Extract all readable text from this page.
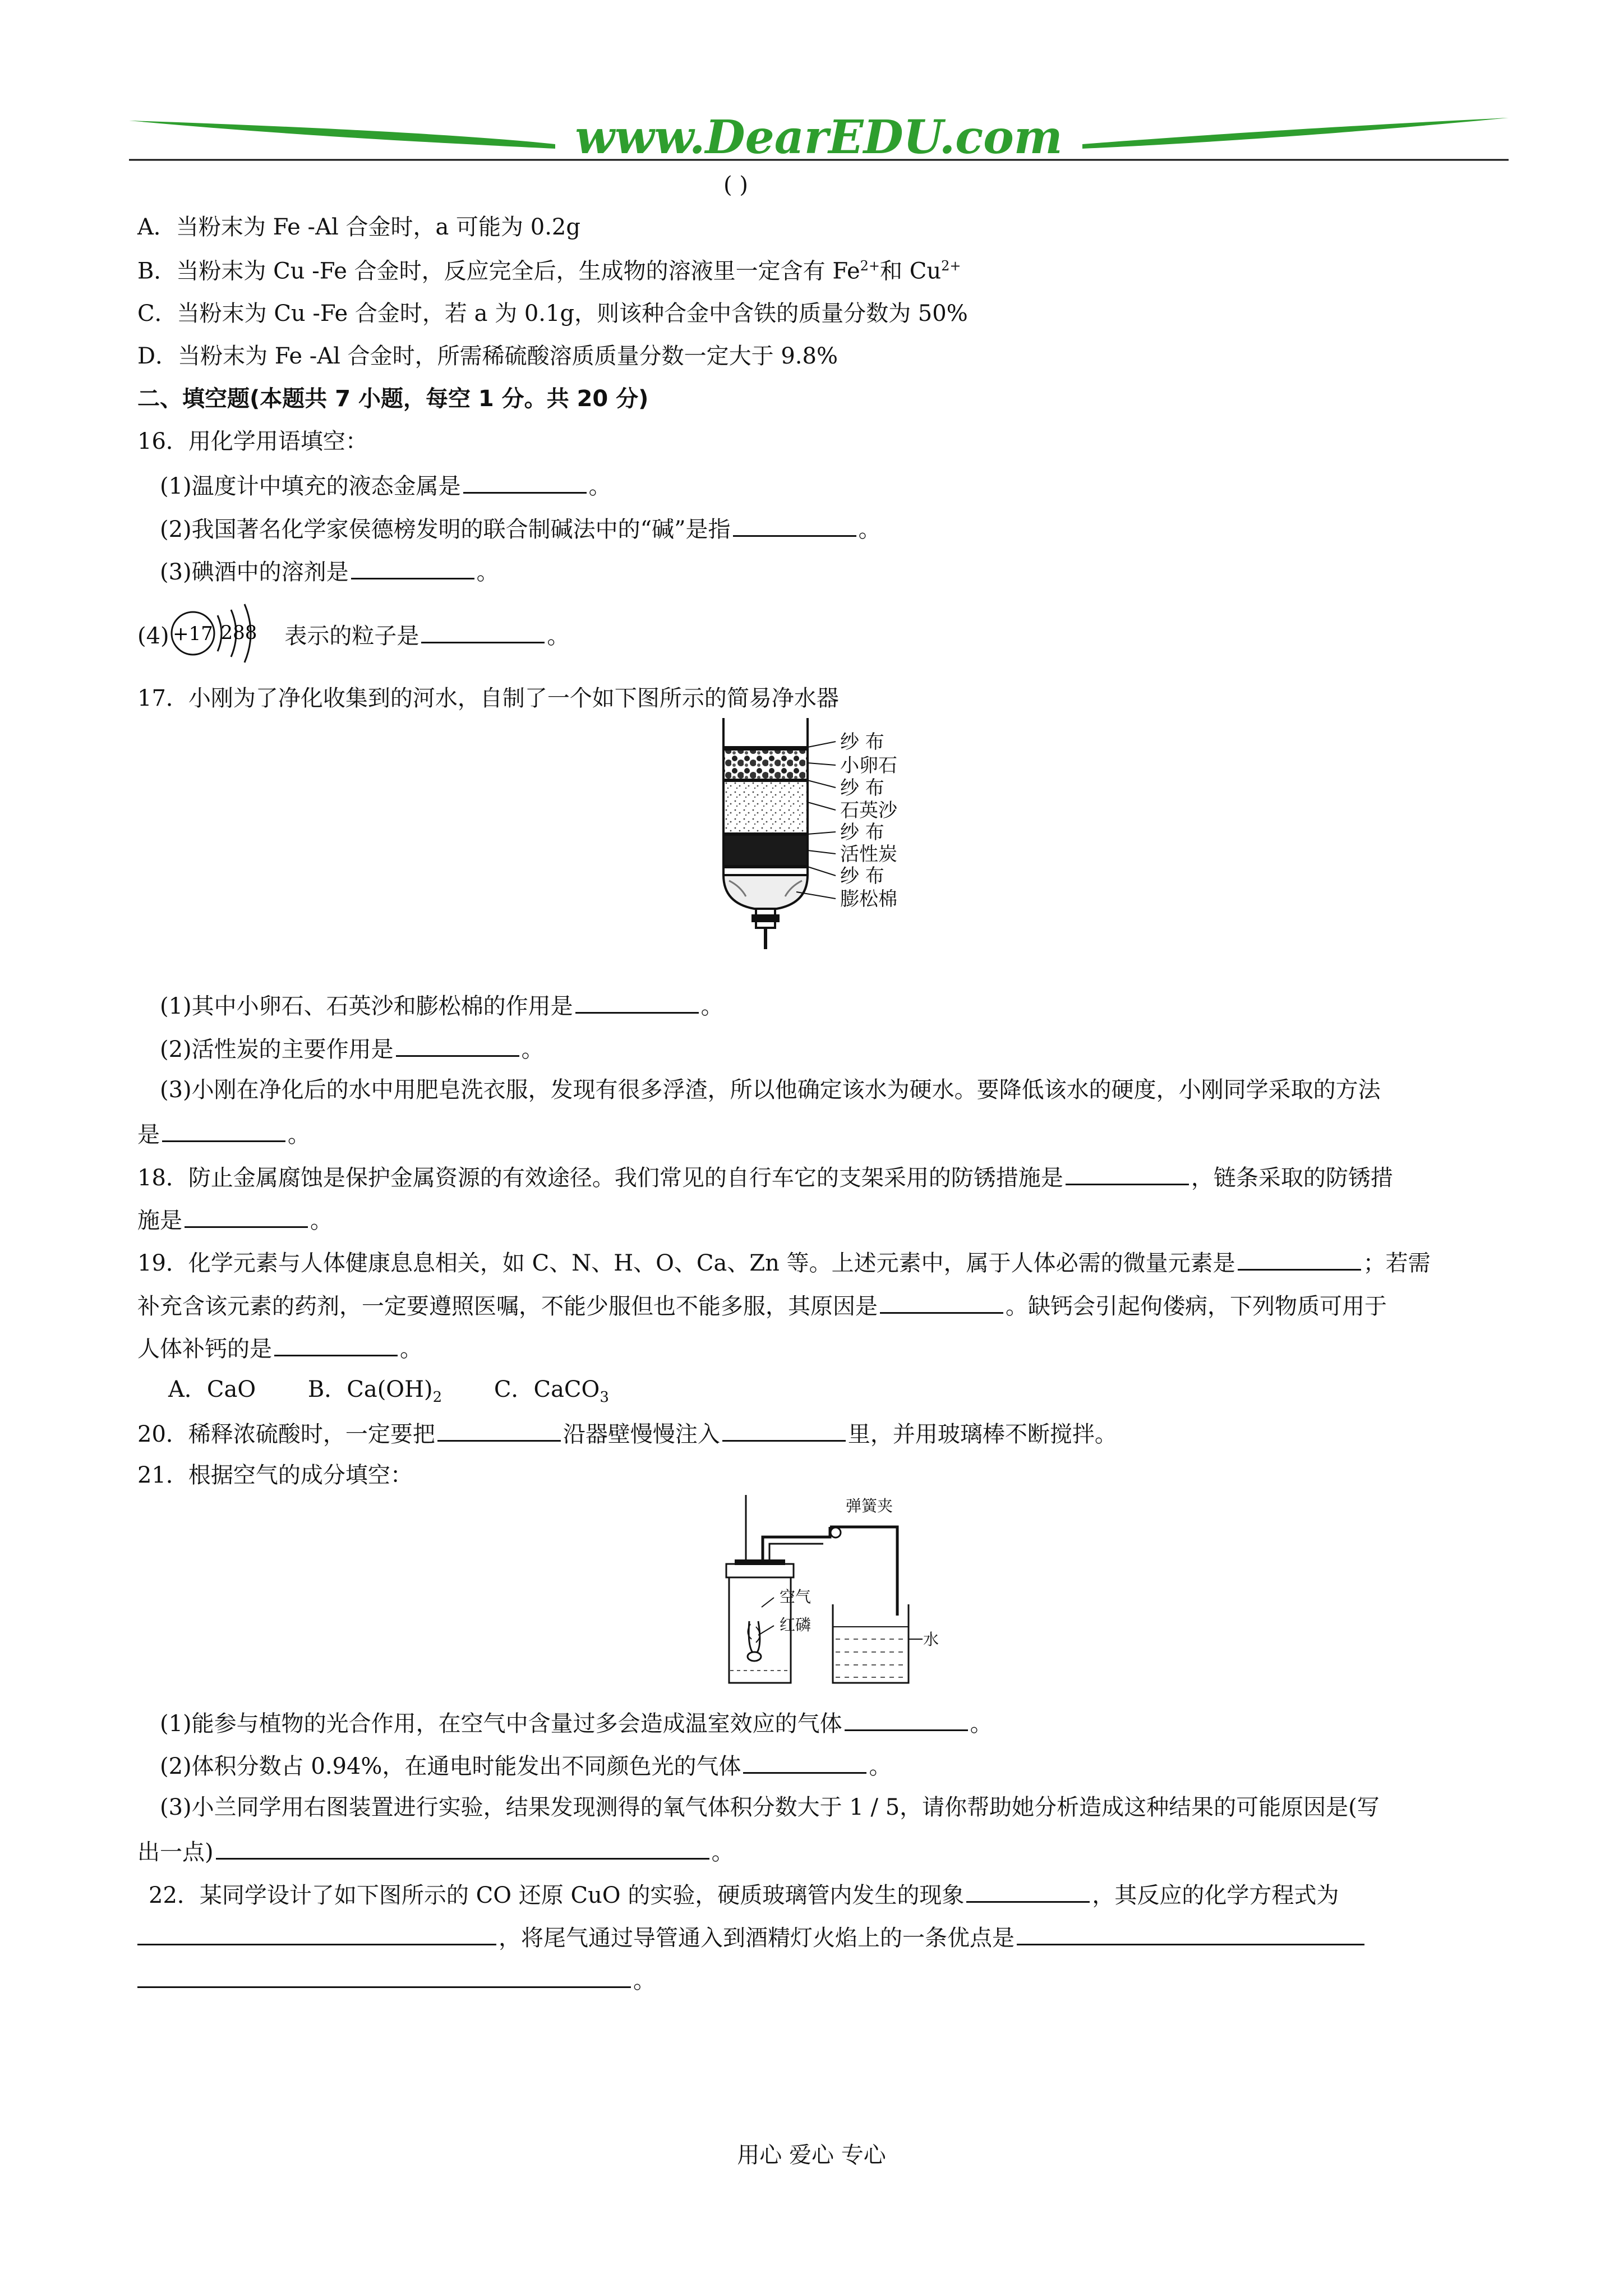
www.DearEDU.com
( )
A．当粉末为 Fe -Al 合金时，a 可能为 0.2g
B．当粉末为 Cu -Fe 合金时，反应完全后，生成物的溶液里一定含有 $Fe^{2+}$和 $Cu^{2+}$
C．当粉末为 Cu -Fe 合金时，若 a 为 0.1g，则该种合金中含铁的质量分数为 50%
D．当粉末为 Fe -Al 合金时，所需稀硫酸溶质质量分数一定大于 9.8%
二、填空题(本题共 7 小题，每空 1 分。共 20 分)
16．用化学用语填空：
(1)温度计中填充的液态金属是	。
(2)我国著名化学家侯德榜发明的联合制碱法中的“碱”是指	。
(3)碘酒中的溶剂是	。
(4) +17 288 表示的粒子是	。
17．小刚为了净化收集到的河水，自制了一个如下图所示的简易净水器
纱 布
小卵石
纱 布
石英沙
纱 布
活性炭
纱 布
膨松棉
(1)其中小卵石、石英沙和膨松棉的作用是	。
(2)活性炭的主要作用是	。
(3)小刚在净化后的水中用肥皂洗衣服，发现有很多浮渣，所以他确定该水为硬水。要降低该水的硬度，小刚同学采取的方法
是	。
18．防止金属腐蚀是保护金属资源的有效途径。我们常见的自行车它的支架采用的防锈措施是	，链条采取的防锈措
施是	。
19．化学元素与人体健康息息相关，如 C、N、H、O、Ca、Zn 等。上述元素中，属于人体必需的微量元素是	；若需
补充含该元素的药剂，一定要遵照医嘱，不能少服但也不能多服，其原因是	。缺钙会引起佝偻病，下列物质可用于
人体补钙的是	。
A．CaO B．$Ca(OH)_2$ C．CaCO$_3$
20．稀释浓硫酸时，一定要把	沿器壁慢慢注入	里，并用玻璃棒不断搅拌。
21．根据空气的成分填空：
弹簧夹
空气
红磷
水
(1)能参与植物的光合作用，在空气中含量过多会造成温室效应的气体	。
(2)体积分数占 0.94%，在通电时能发出不同颜色光的气体	。
(3)小兰同学用右图装置进行实验，结果发现测得的氧气体积分数大于 1 / 5，请你帮助她分析造成这种结果的可能原因是(写
出一点)	。
22．某同学设计了如下图所示的 CO 还原 CuO 的实验，硬质玻璃管内发生的现象	，其反应的化学方程式为
，将尾气通过导管通入到酒精灯火焰上的一条优点是
。
用心 爱心 专心
